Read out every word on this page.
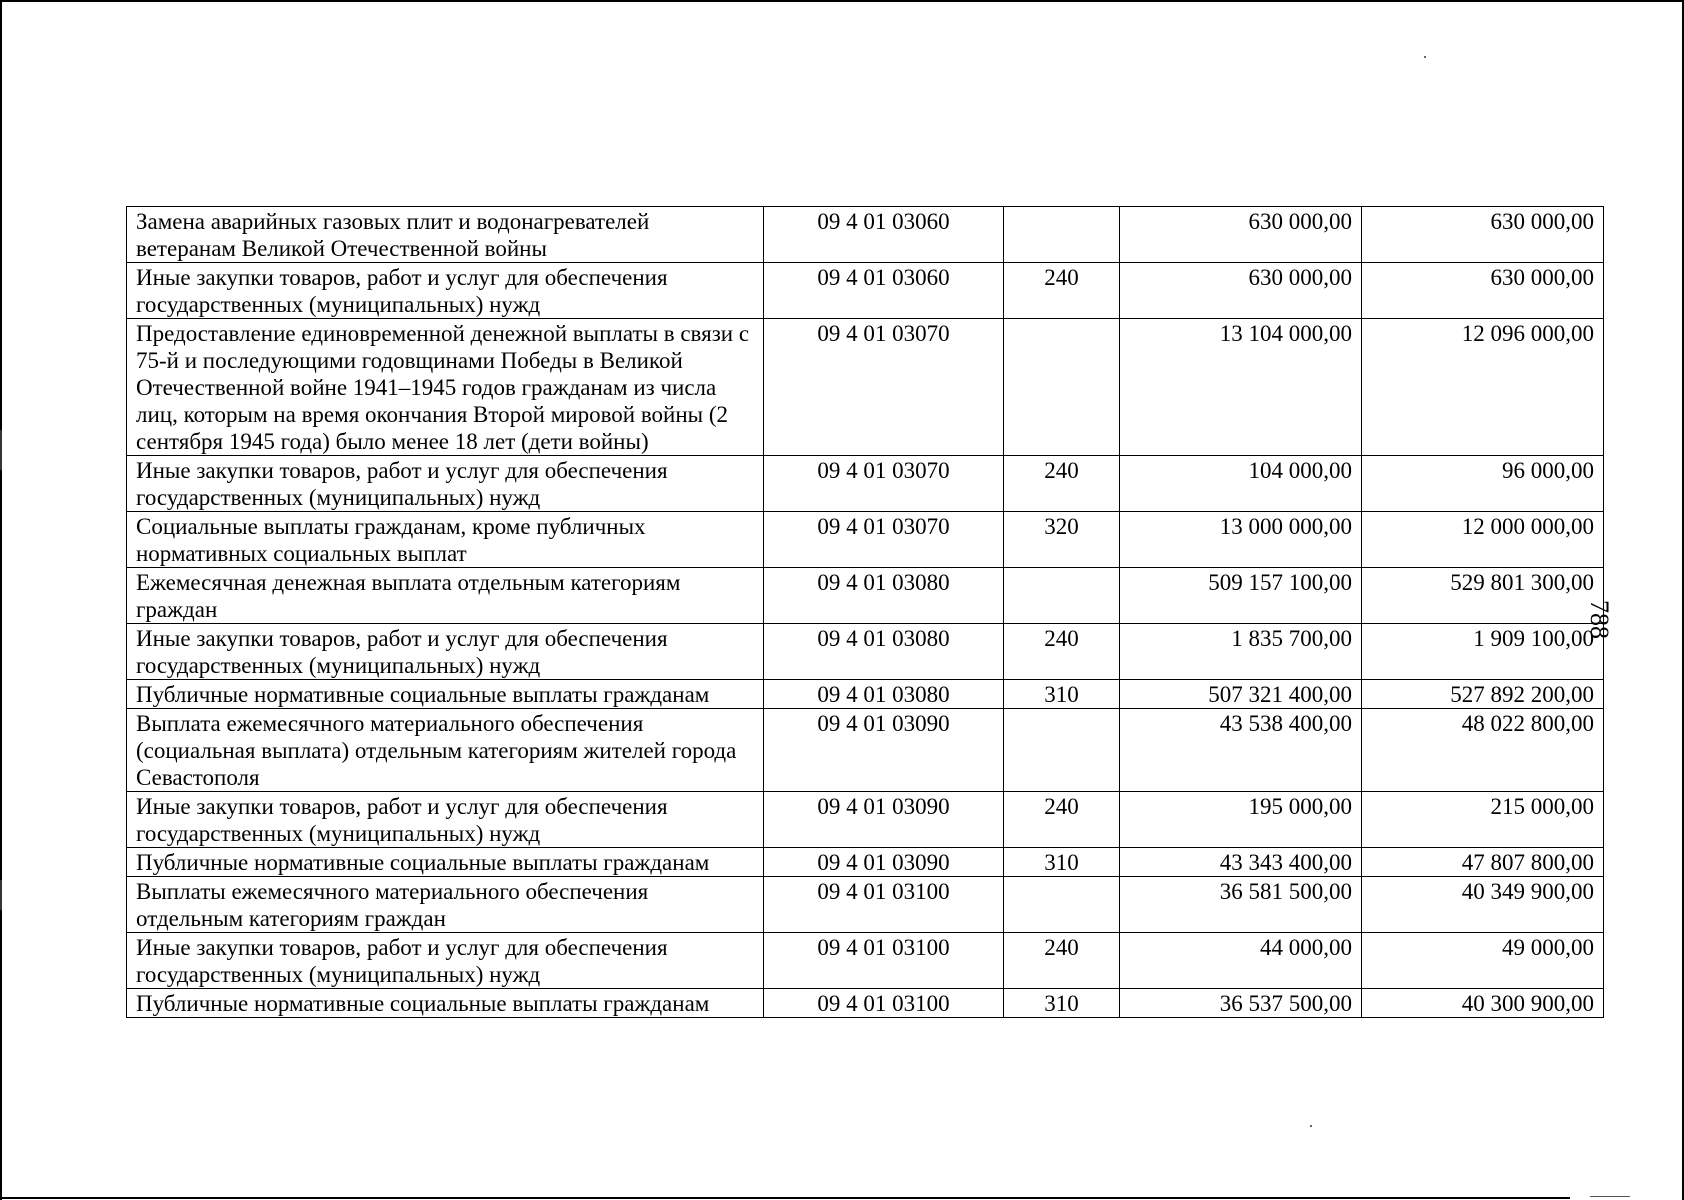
Замена аварийных газовых плит и водонагревателей ветеранам Великой Отечественной войны	09 4 01 03060		630 000,00	630 000,00
Иные закупки товаров, работ и услуг для обеспечения государственных (муниципальных) нужд	09 4 01 03060	240	630 000,00	630 000,00
Предоставление единовременной денежной выплаты в связи с 75-й и последующими годовщинами Победы в Великой Отечественной войне 1941–1945 годов гражданам из числа лиц, которым на время окончания Второй мировой войны (2 сентября 1945 года) было менее 18 лет (дети войны)	09 4 01 03070		13 104 000,00	12 096 000,00
Иные закупки товаров, работ и услуг для обеспечения государственных (муниципальных) нужд	09 4 01 03070	240	104 000,00	96 000,00
Социальные выплаты гражданам, кроме публичных нормативных социальных выплат	09 4 01 03070	320	13 000 000,00	12 000 000,00
Ежемесячная денежная выплата отдельным категориям граждан	09 4 01 03080		509 157 100,00	529 801 300,00
Иные закупки товаров, работ и услуг для обеспечения государственных (муниципальных) нужд	09 4 01 03080	240	1 835 700,00	1 909 100,00
Публичные нормативные социальные выплаты гражданам	09 4 01 03080	310	507 321 400,00	527 892 200,00
Выплата ежемесячного материального обеспечения (социальная выплата) отдельным категориям жителей города Севастополя	09 4 01 03090		43 538 400,00	48 022 800,00
Иные закупки товаров, работ и услуг для обеспечения государственных (муниципальных) нужд	09 4 01 03090	240	195 000,00	215 000,00
Публичные нормативные социальные выплаты гражданам	09 4 01 03090	310	43 343 400,00	47 807 800,00
Выплаты ежемесячного материального обеспечения отдельным категориям граждан	09 4 01 03100		36 581 500,00	40 349 900,00
Иные закупки товаров, работ и услуг для обеспечения государственных (муниципальных) нужд	09 4 01 03100	240	44 000,00	49 000,00
Публичные нормативные социальные выплаты гражданам	09 4 01 03100	310	36 537 500,00	40 300 900,00
788
